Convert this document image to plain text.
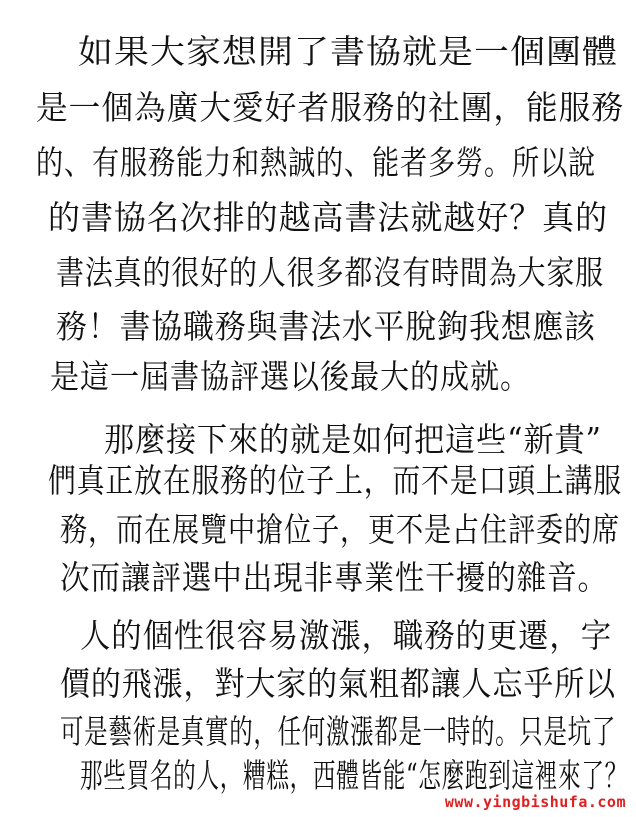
如果大家想開了書協就是一個團體
是一個為廣大愛好者服務的社團，能服務
的、有服務能力和熱誠的、能者多勞。所以說
的書協名次排的越高書法就越好？真的
書法真的很好的人很多都沒有時間為大家服
務！書協職務與書法水平脫鉤我想應該
是這一屆書協評選以後最大的成就。
那麼接下來的就是如何把這些“新貴”
們真正放在服務的位子上，而不是口頭上講服
務，而在展覽中搶位子，更不是占住評委的席
次而讓評選中出現非專業性干擾的雜音。
人的個性很容易激漲，職務的更遷，字
價的飛漲，對大家的氣粗都讓人忘乎所以
可是藝術是真實的，任何激漲都是一時的。只是坑了
那些買名的人，糟糕，西體皆能“怎麼跑到這裡來了？
www.yingbishufa.com
